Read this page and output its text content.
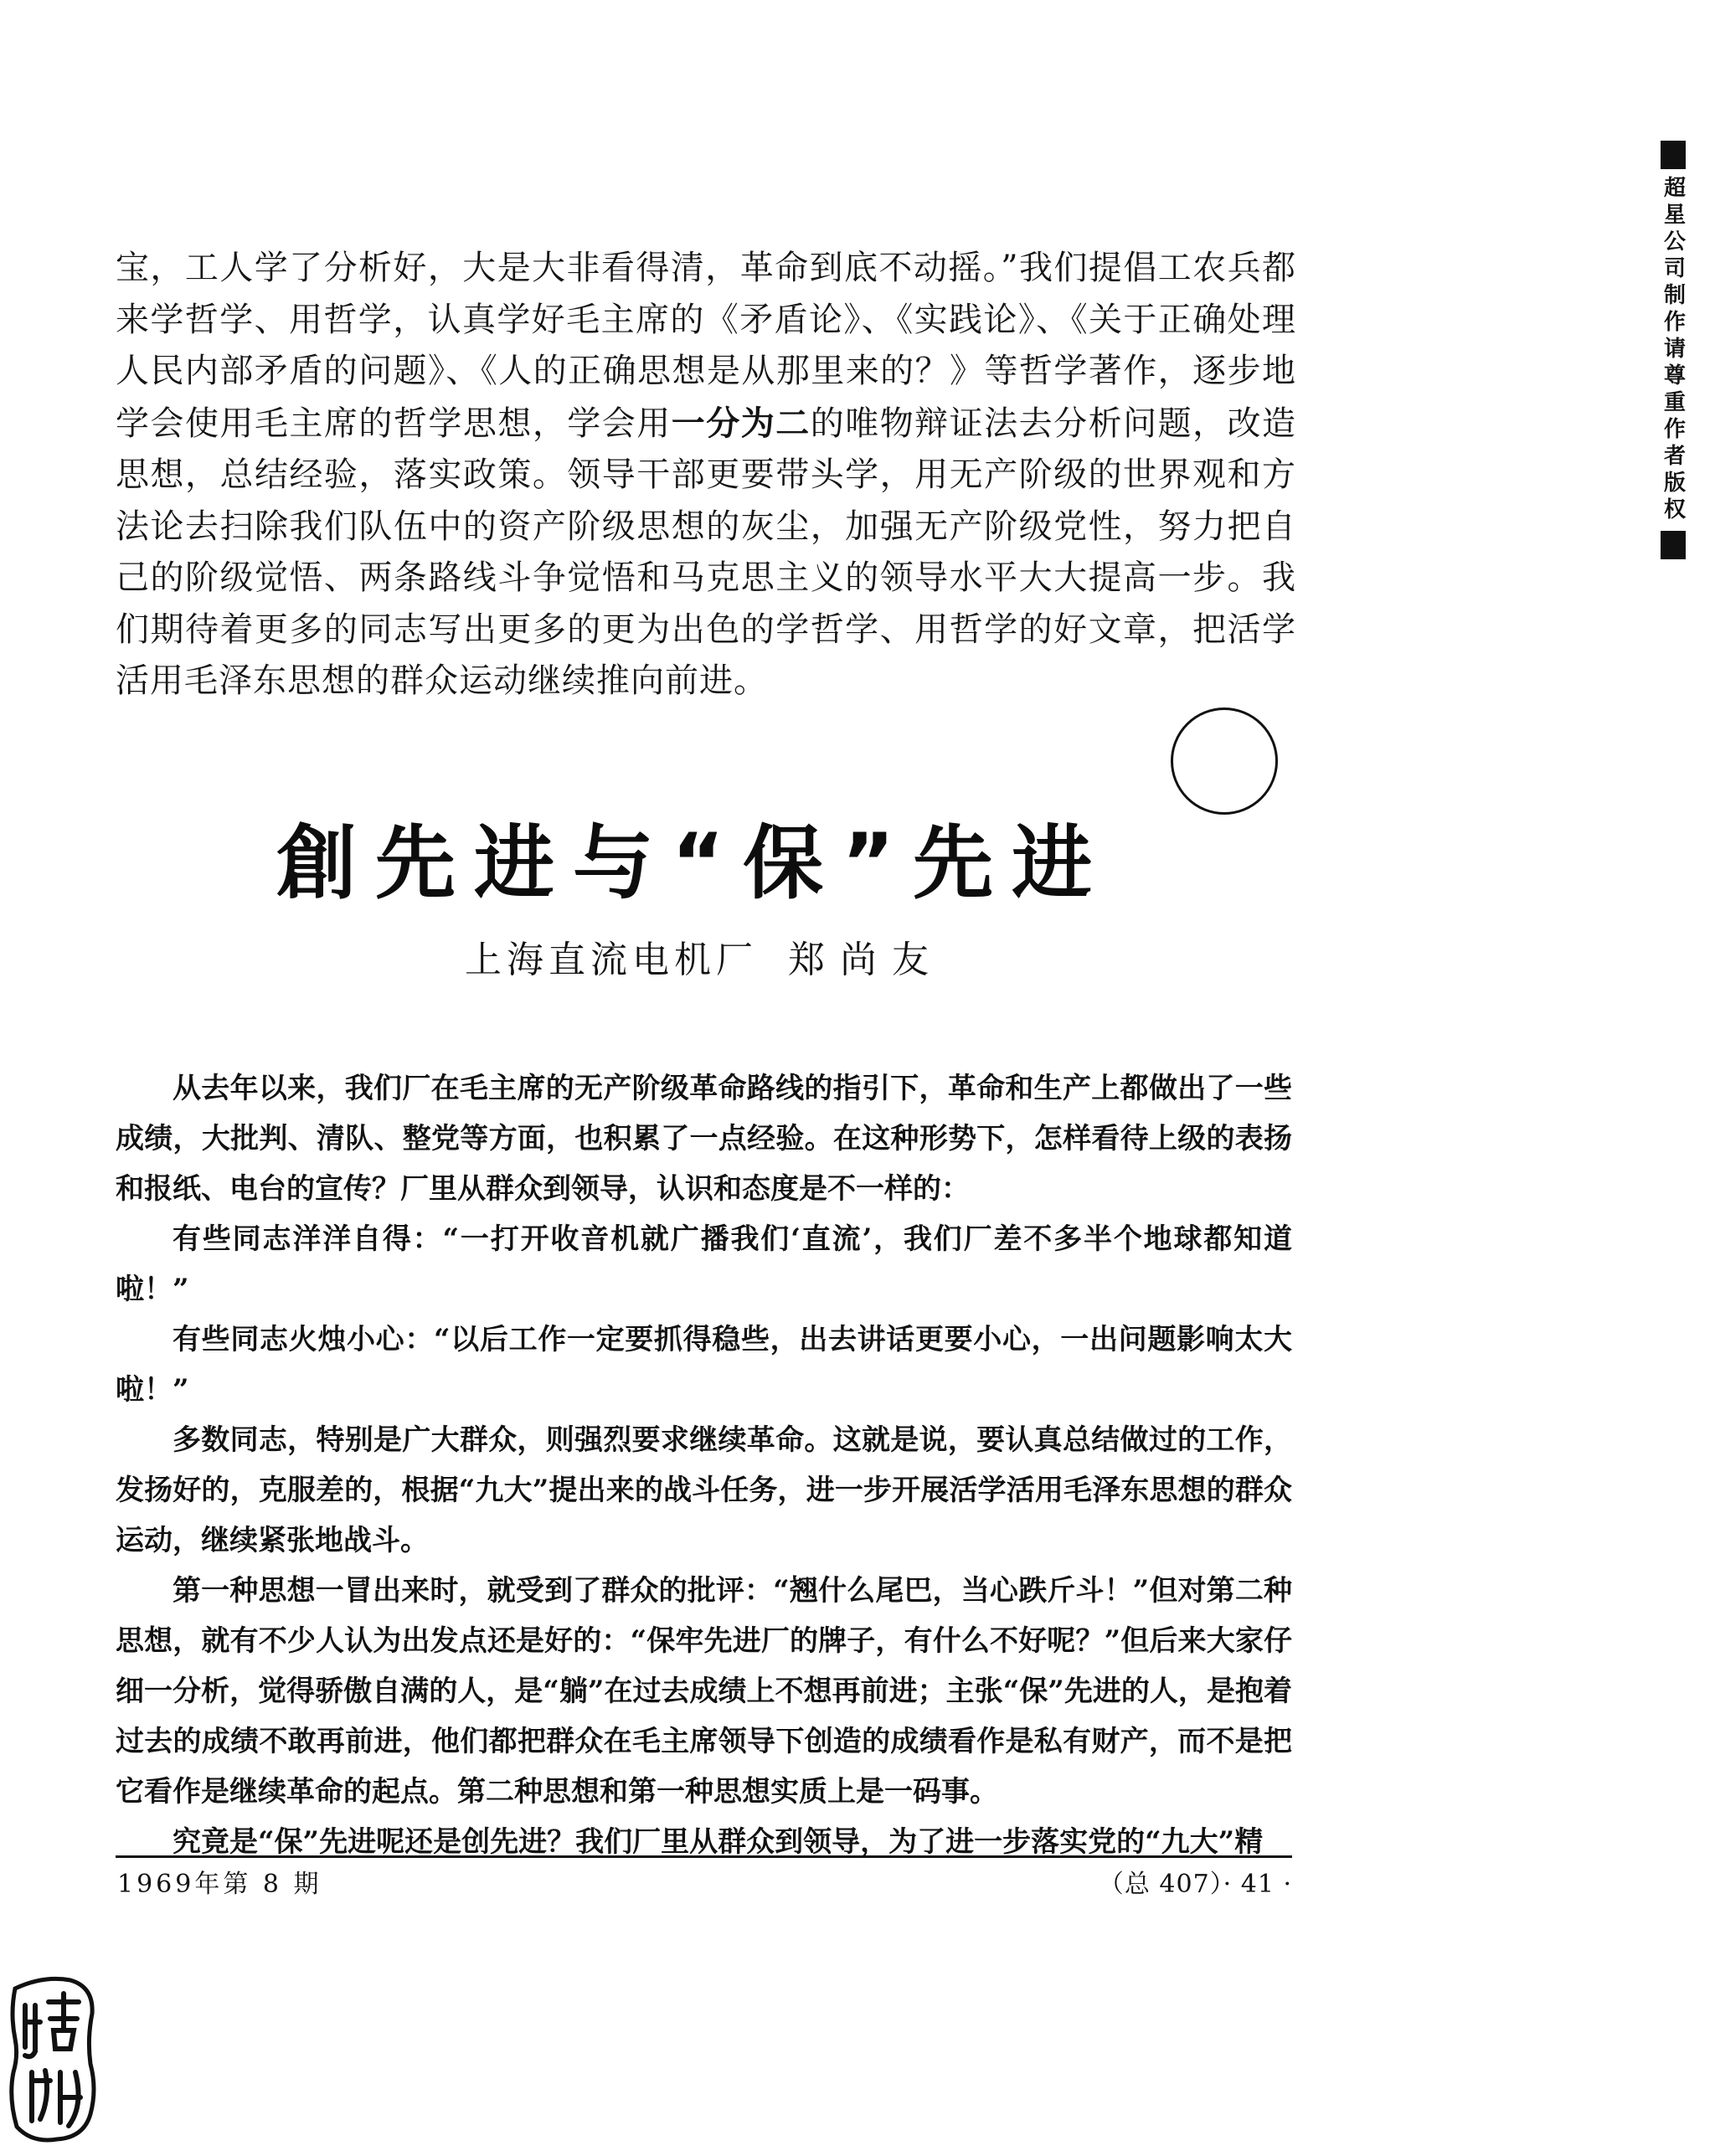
宝，工人学了分析好，大是大非看得清，革命到底不动摇。”我们提倡工农兵都来学哲学、用哲学，认真学好毛主席的《矛盾论》、《实践论》、《关于正确处理人民内部矛盾的问题》、《人的正确思想是从那里来的？》等哲学著作，逐步地学会使用毛主席的哲学思想，学会用一分为二的唯物辩证法去分析问题，改造思想，总结经验，落实政策。领导干部更要带头学，用无产阶级的世界观和方法论去扫除我们队伍中的资产阶级思想的灰尘，加强无产阶级党性，努力把自己的阶级觉悟、两条路线斗争觉悟和马克思主义的领导水平大大提高一步。我们期待着更多的同志写出更多的更为出色的学哲学、用哲学的好文章，把活学活用毛泽东思想的群众运动继续推向前进。

創先进与“保”先进
上海直流电机厂 郑尚友

从去年以来，我们厂在毛主席的无产阶级革命路线的指引下，革命和生产上都做出了一些成绩，大批判、清队、整党等方面，也积累了一点经验。在这种形势下，怎样看待上级的表扬和报纸、电台的宣传？厂里从群众到领导，认识和态度是不一样的：

有些同志洋洋自得：“一打开收音机就广播我们‘直流’，我们厂差不多半个地球都知道啦！”

有些同志火烛小心：“以后工作一定要抓得稳些，出去讲话更要小心，一出问题影响太大啦！”

多数同志，特别是广大群众，则强烈要求继续革命。这就是说，要认真总结做过的工作，发扬好的，克服差的，根据“九大”提出来的战斗任务，进一步开展活学活用毛泽东思想的群众运动，继续紧张地战斗。

第一种思想一冒出来时，就受到了群众的批评：“翘什么尾巴，当心跌斤斗！”但对第二种思想，就有不少人认为出发点还是好的：“保牢先进厂的牌子，有什么不好呢？”但后来大家仔细一分析，觉得骄傲自满的人，是“躺”在过去成绩上不想再前进；主张“保”先进的人，是抱着过去的成绩不敢再前进，他们都把群众在毛主席领导下创造的成绩看作是私有财产，而不是把它看作是继续革命的起点。第二种思想和第一种思想实质上是一码事。

究竟是“保”先进呢还是创先进？我们厂里从群众到领导，为了进一步落实党的“九大”精

1969年第 8 期	（总 407）· 41 ·
超星公司制作请尊重作者版权
